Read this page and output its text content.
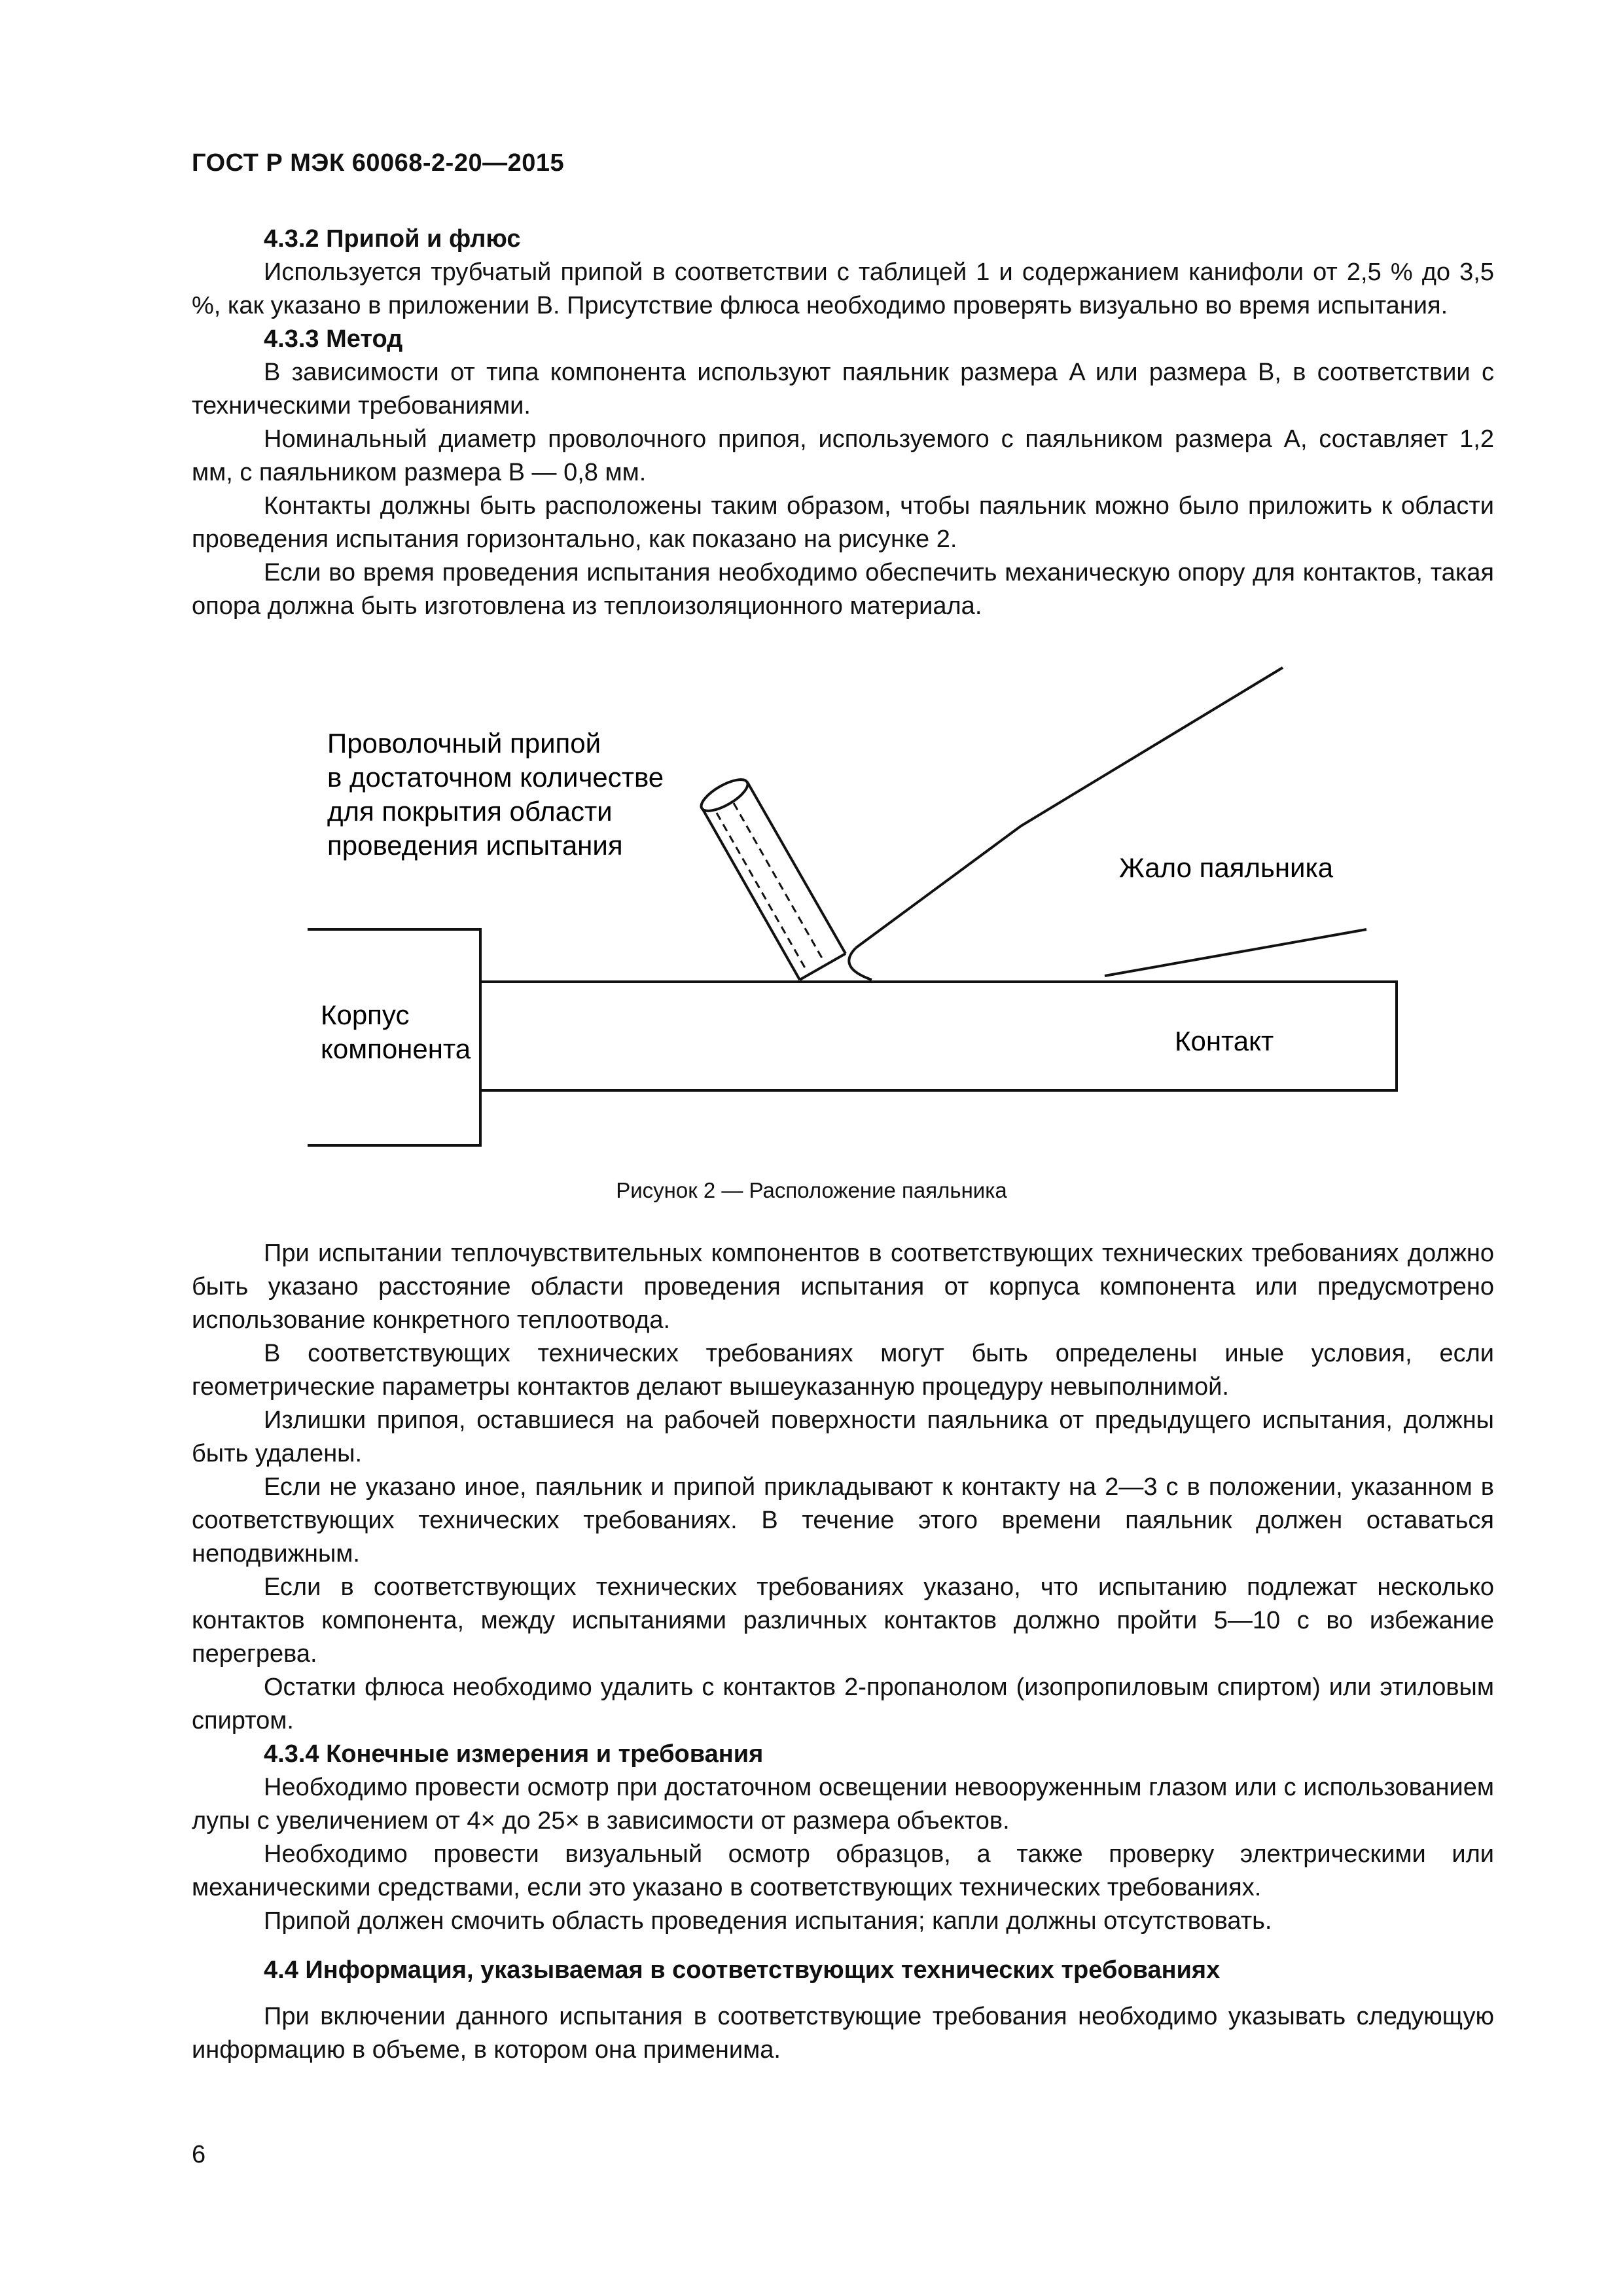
ГОСТ Р МЭК 60068-2-20—2015

4.3.2 Припой и флюс

Используется трубчатый припой в соответствии с таблицей 1 и содержанием канифоли от 2,5 % до 3,5 %, как указано в приложении B. Присутствие флюса необходимо проверять визуально во время испытания.

4.3.3 Метод

В зависимости от типа компонента используют паяльник размера A или размера B, в соответствии с техническими требованиями.

Номинальный диаметр проволочного припоя, используемого с паяльником размера A, составляет 1,2 мм, с паяльником размера B — 0,8 мм.

Контакты должны быть расположены таким образом, чтобы паяльник можно было приложить к области проведения испытания горизонтально, как показано на рисунке 2.

Если во время проведения испытания необходимо обеспечить механическую опору для контактов, такая опора должна быть изготовлена из теплоизоляционного материала.

Проволочный припой
в достаточном количестве
для покрытия области
проведения испытания
Жало паяльника
Корпус
компонента	Контакт
Рисунок 2 — Расположение паяльника

При испытании теплочувствительных компонентов в соответствующих технических требованиях должно быть указано расстояние области проведения испытания от корпуса компонента или предусмотрено использование конкретного теплоотвода.

В соответствующих технических требованиях могут быть определены иные условия, если геометрические параметры контактов делают вышеуказанную процедуру невыполнимой.

Излишки припоя, оставшиеся на рабочей поверхности паяльника от предыдущего испытания, должны быть удалены.

Если не указано иное, паяльник и припой прикладывают к контакту на 2—3 с в положении, указанном в соответствующих технических требованиях. В течение этого времени паяльник должен оставаться неподвижным.

Если в соответствующих технических требованиях указано, что испытанию подлежат несколько контактов компонента, между испытаниями различных контактов должно пройти 5—10 с во избежание перегрева.

Остатки флюса необходимо удалить с контактов 2-пропанолом (изопропиловым спиртом) или этиловым спиртом.

4.3.4 Конечные измерения и требования

Необходимо провести осмотр при достаточном освещении невооруженным глазом или с использованием лупы с увеличением от 4× до 25× в зависимости от размера объектов.

Необходимо провести визуальный осмотр образцов, а также проверку электрическими или механическими средствами, если это указано в соответствующих технических требованиях.

Припой должен смочить область проведения испытания; капли должны отсутствовать.

4.4 Информация, указываемая в соответствующих технических требованиях

При включении данного испытания в соответствующие требования необходимо указывать следующую информацию в объеме, в котором она применима.

6
